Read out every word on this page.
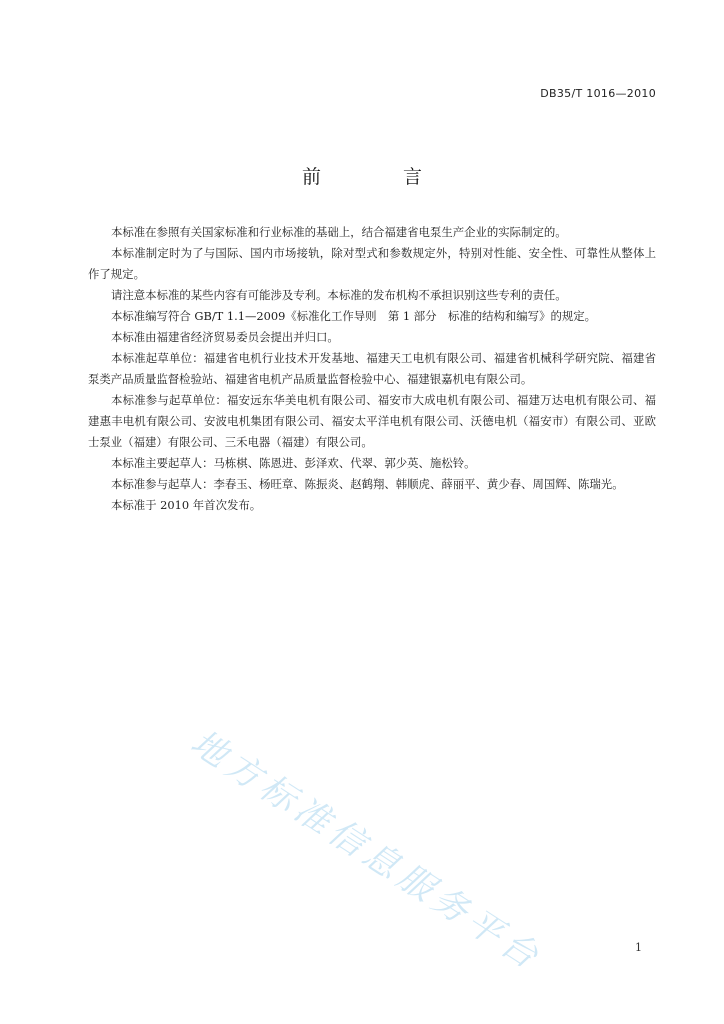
DB35/T 1016—2010
前 言

本标准在参照有关国家标准和行业标准的基础上，结合福建省电泵生产企业的实际制定的。

本标准制定时为了与国际、国内市场接轨，除对型式和参数规定外，特别对性能、安全性、可靠性从整体上作了规定。

请注意本标准的某些内容有可能涉及专利。本标准的发布机构不承担识别这些专利的责任。

本标准编写符合 GB/T 1.1—2009《标准化工作导则　第 1 部分　标准的结构和编写》的规定。

本标准由福建省经济贸易委员会提出并归口。

本标准起草单位：福建省电机行业技术开发基地、福建天工电机有限公司、福建省机械科学研究院、福建省泵类产品质量监督检验站、福建省电机产品质量监督检验中心、福建银嘉机电有限公司。

本标准参与起草单位：福安远东华美电机有限公司、福安市大成电机有限公司、福建万达电机有限公司、福建惠丰电机有限公司、安波电机集团有限公司、福安太平洋电机有限公司、沃德电机（福安市）有限公司、亚欧士泵业（福建）有限公司、三禾电器（福建）有限公司。

本标准主要起草人：马栋棋、陈恩进、彭泽欢、代翠、郭少英、施松铃。

本标准参与起草人：李春玉、杨旺章、陈振炎、赵鹤翔、韩顺虎、薛丽平、黄少春、周国辉、陈瑞光。

本标准于 2010 年首次发布。

地方标准信息服务平台	1
